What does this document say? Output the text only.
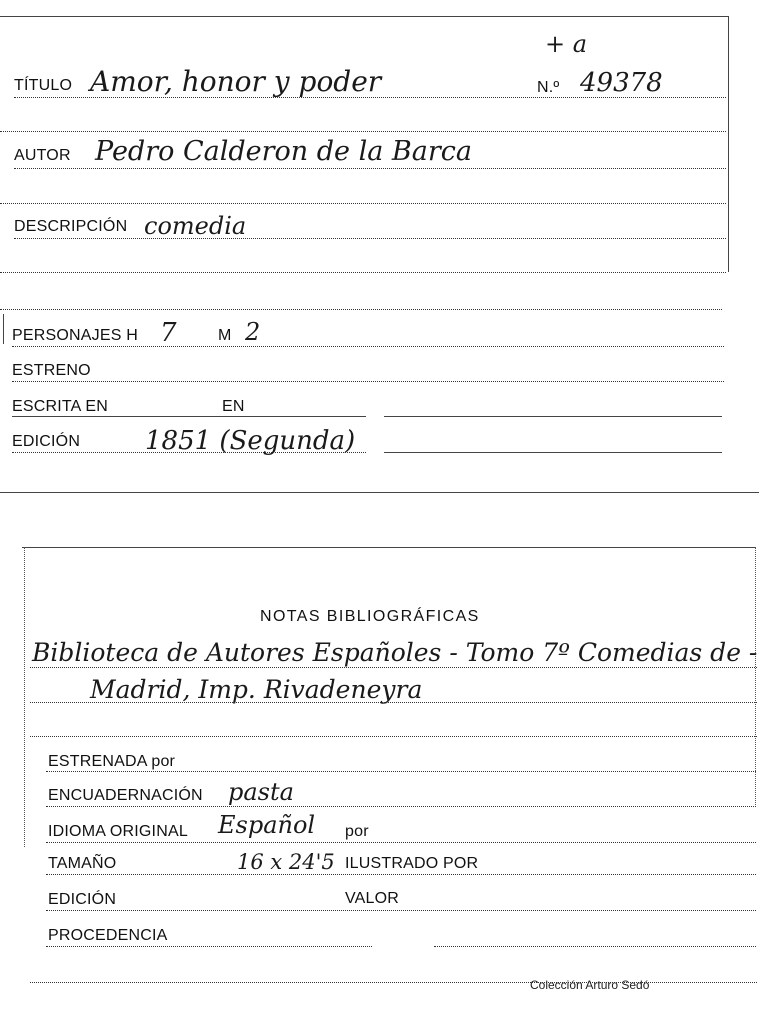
+ a
TÍTULO Amor, honor y poder	N.º 49378
AUTOR Pedro Calderon de la Barca
DESCRIPCIÓN comedia
PERSONAJES H 7	M 2
ESTRENO
ESCRITA EN	EN
EDICIÓN 1851 (Segunda)
NOTAS BIBLIOGRÁFICAS
Biblioteca de Autores Españoles - Tomo 7º Comedias de -
Madrid, Imp. Rivadeneyra
ESTRENADA por
ENCUADERNACIÓN pasta
IDIOMA ORIGINAL Español por
TAMAÑO	16 x 24'5 ILUSTRADO POR
EDICIÓN	VALOR
PROCEDENCIA
Colección Arturo Sedó
